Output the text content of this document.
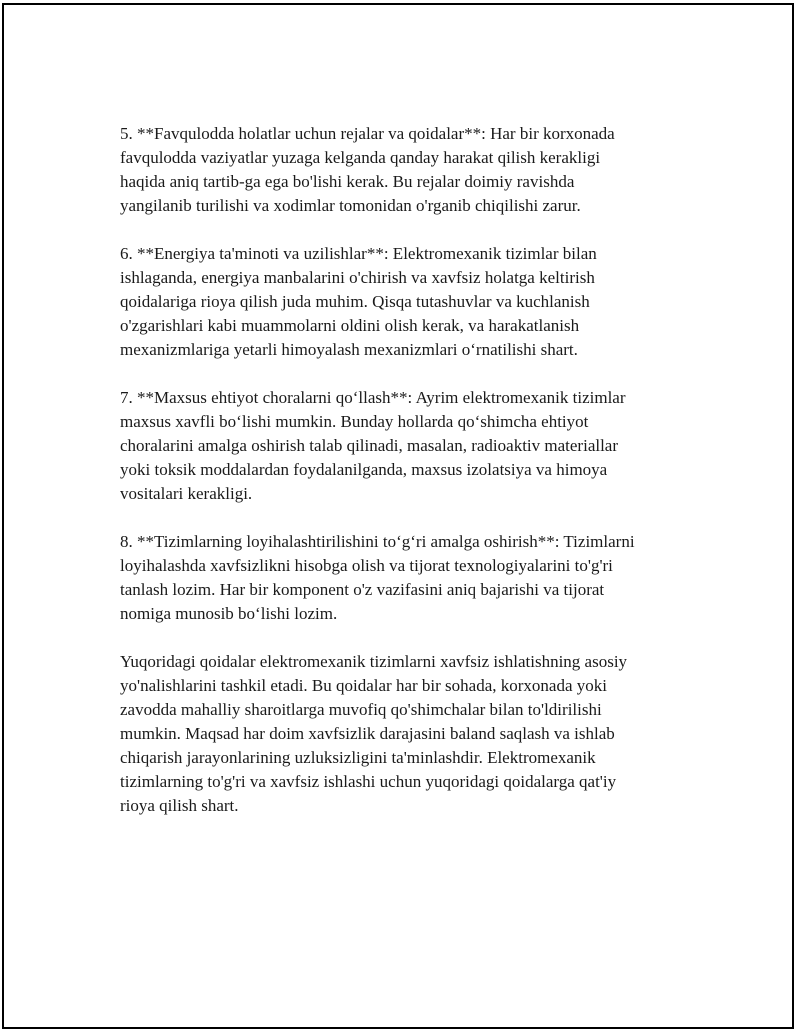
5. **Favqulodda holatlar uchun rejalar va qoidalar**: Har bir korxonada
favqulodda vaziyatlar yuzaga kelganda qanday harakat qilish kerakligi
haqida aniq tartib-ga ega bo'lishi kerak. Bu rejalar doimiy ravishda
yangilanib turilishi va xodimlar tomonidan o'rganib chiqilishi zarur.

6. **Energiya ta'minoti va uzilishlar**: Elektromexanik tizimlar bilan
ishlaganda, energiya manbalarini o'chirish va xavfsiz holatga keltirish
qoidalariga rioya qilish juda muhim. Qisqa tutashuvlar va kuchlanish
o'zgarishlari kabi muammolarni oldini olish kerak, va harakatlanish
mexanizmlariga yetarli himoyalash mexanizmlari oʻrnatilishi shart.

7. **Maxsus ehtiyot choralarni qoʻllash**: Ayrim elektromexanik tizimlar
maxsus xavfli boʻlishi mumkin. Bunday hollarda qoʻshimcha ehtiyot
choralarini amalga oshirish talab qilinadi, masalan, radioaktiv materiallar
yoki toksik moddalardan foydalanilganda, maxsus izolatsiya va himoya
vositalari kerakligi.

8. **Tizimlarning loyihalashtirilishini toʻgʻri amalga oshirish**: Tizimlarni
loyihalashda xavfsizlikni hisobga olish va tijorat texnologiyalarini to'g'ri
tanlash lozim. Har bir komponent o'z vazifasini aniq bajarishi va tijorat
nomiga munosib boʻlishi lozim.

Yuqoridagi qoidalar elektromexanik tizimlarni xavfsiz ishlatishning asosiy
yo'nalishlarini tashkil etadi. Bu qoidalar har bir sohada, korxonada yoki
zavodda mahalliy sharoitlarga muvofiq qo'shimchalar bilan to'ldirilishi
mumkin. Maqsad har doim xavfsizlik darajasini baland saqlash va ishlab
chiqarish jarayonlarining uzluksizligini ta'minlashdir. Elektromexanik
tizimlarning to'g'ri va xavfsiz ishlashi uchun yuqoridagi qoidalarga qat'iy
rioya qilish shart.
